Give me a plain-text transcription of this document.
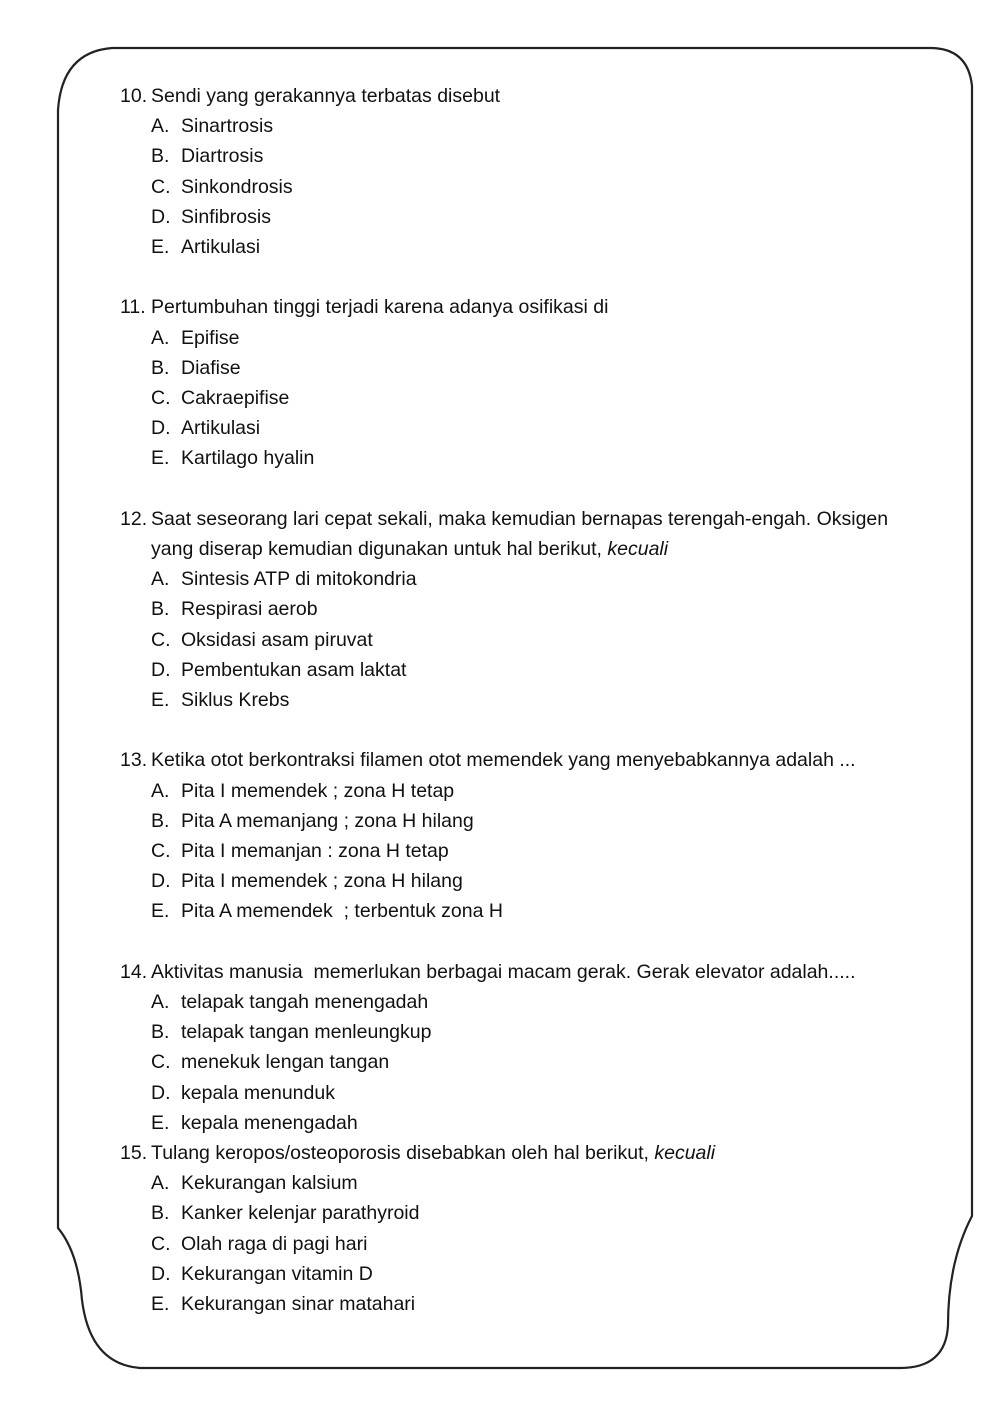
10. Sendi yang gerakannya terbatas disebut
A. Sinartrosis
B. Diartrosis
C. Sinkondrosis
D. Sinfibrosis
E. Artikulasi
11. Pertumbuhan tinggi terjadi karena adanya osifikasi di
A. Epifise
B. Diafise
C. Cakraepifise
D. Artikulasi
E. Kartilago hyalin
12. Saat seseorang lari cepat sekali, maka kemudian bernapas terengah-engah. Oksigen yang diserap kemudian digunakan untuk hal berikut, kecuali
A. Sintesis ATP di mitokondria
B. Respirasi aerob
C. Oksidasi asam piruvat
D. Pembentukan asam laktat
E. Siklus Krebs
13. Ketika otot berkontraksi filamen otot memendek yang menyebabkannya adalah ...
A. Pita I memendek ; zona H tetap
B. Pita A memanjang ; zona H hilang
C. Pita I memanjan : zona H tetap
D. Pita I memendek ; zona H hilang
E. Pita A memendek  ; terbentuk zona H
14. Aktivitas manusia  memerlukan berbagai macam gerak. Gerak elevator adalah.....
A. telapak tangah menengadah
B. telapak tangan menleungkup
C. menekuk lengan tangan
D. kepala menunduk
E. kepala menengadah
15. Tulang keropos/osteoporosis disebabkan oleh hal berikut, kecuali
A. Kekurangan kalsium
B. Kanker kelenjar parathyroid
C. Olah raga di pagi hari
D. Kekurangan vitamin D
E. Kekurangan sinar matahari
